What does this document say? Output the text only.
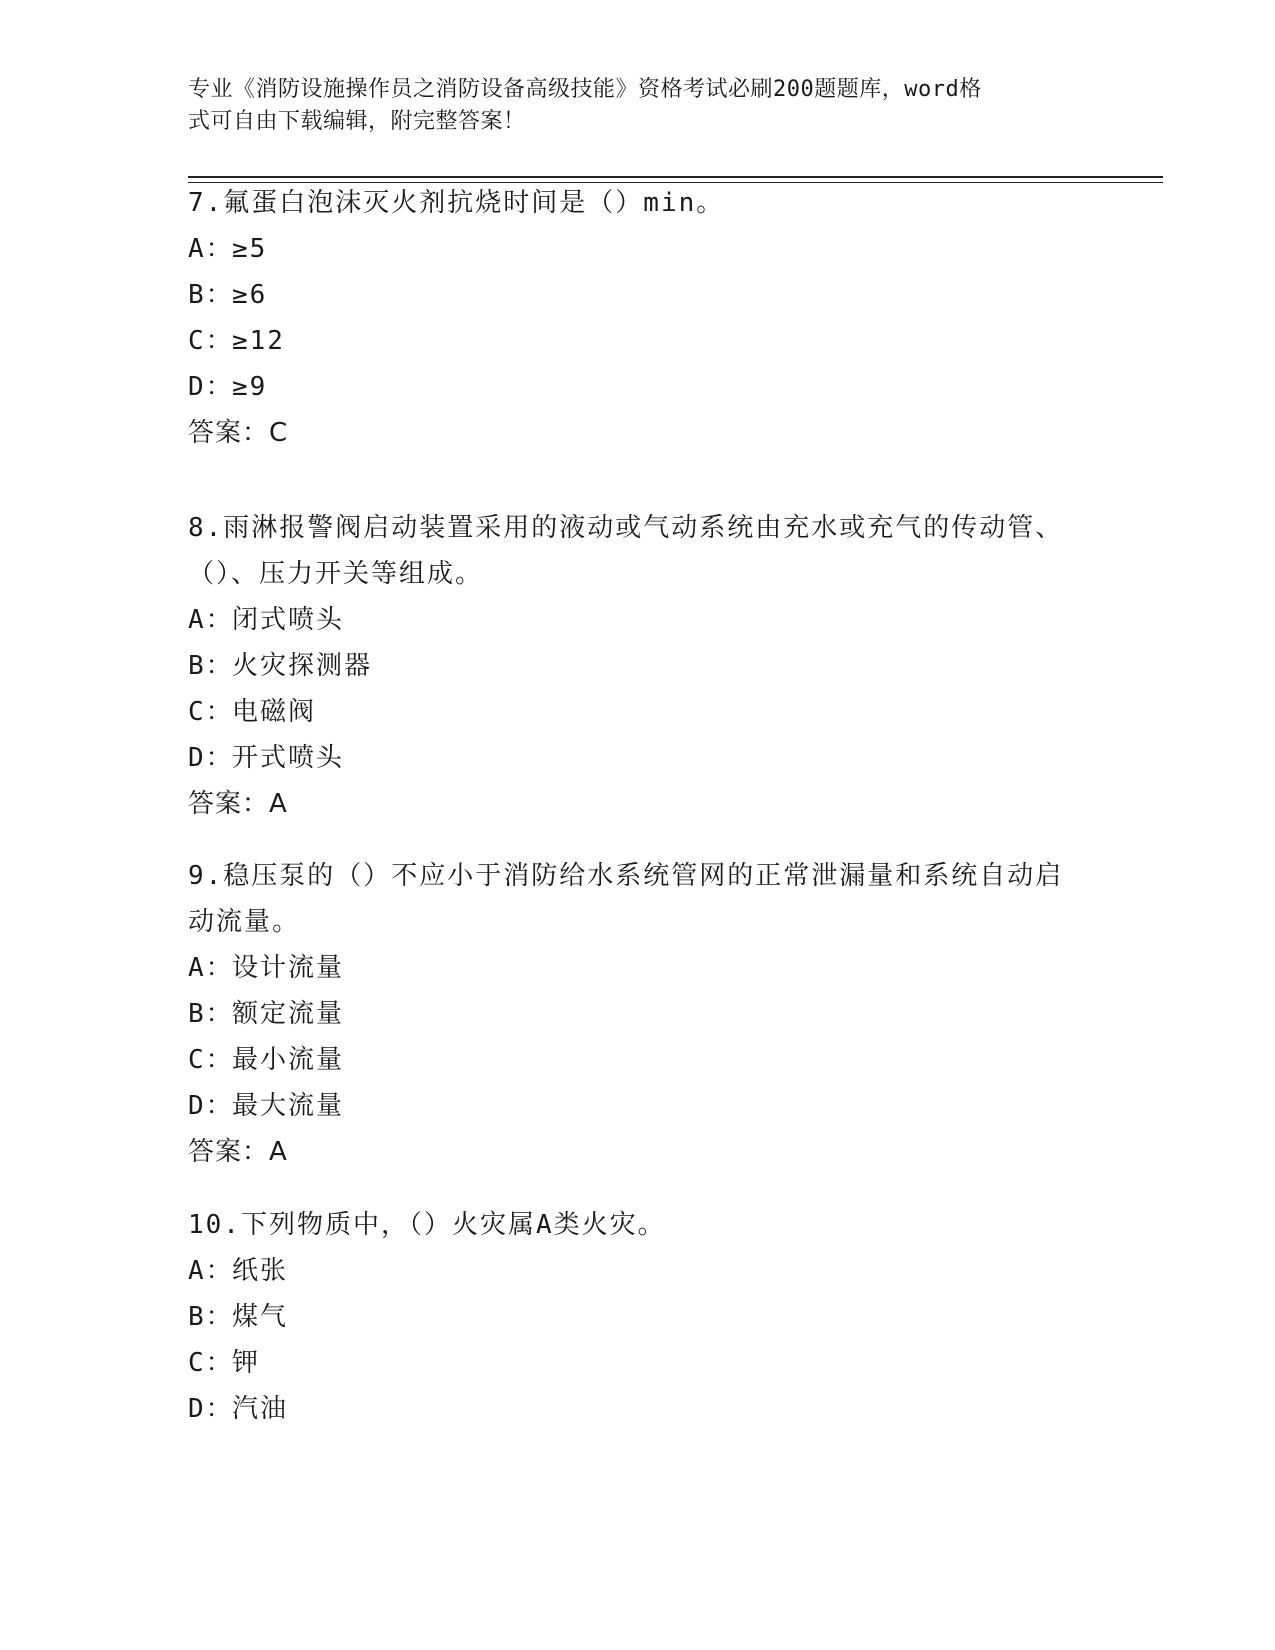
专业《消防设施操作员之消防设备高级技能》资格考试必刷200题题库，word格
式可自由下载编辑，附完整答案！

7.氟蛋白泡沫灭火剂抗烧时间是（）min。

A：≥5

B：≥6

C：≥12

D：≥9

答案：C

8.雨淋报警阀启动装置采用的液动或气动系统由充水或充气的传动管、（）、压力开关等组成。

A：闭式喷头

B：火灾探测器

C：电磁阀

D：开式喷头

答案：A

9.稳压泵的（）不应小于消防给水系统管网的正常泄漏量和系统自动启动流量。

A：设计流量

B：额定流量

C：最小流量

D：最大流量

答案：A

10.下列物质中，（）火灾属A类火灾。

A：纸张

B：煤气

C：钾

D：汽油
